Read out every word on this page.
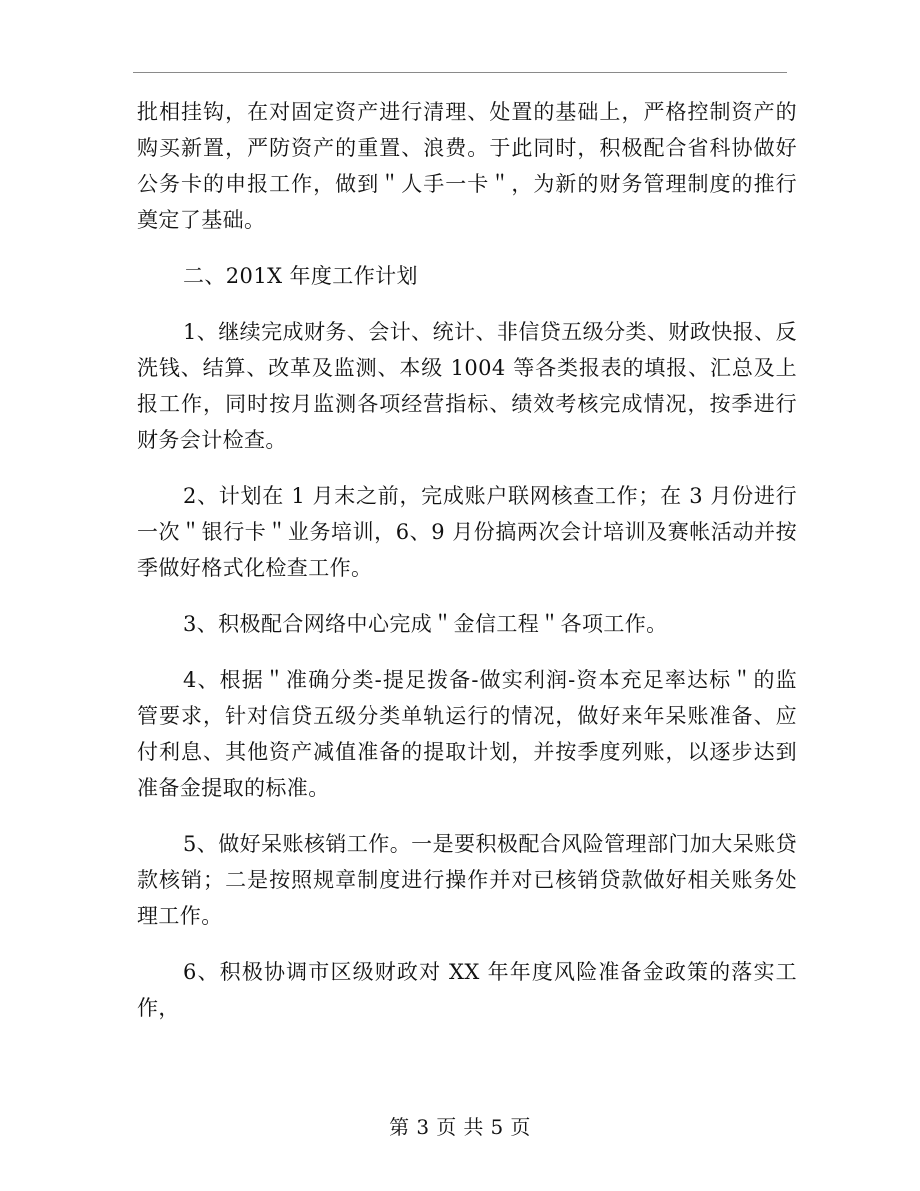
批相挂钩，在对固定资产进行清理、处置的基础上，严格控制资产的购买新置，严防资产的重置、浪费。于此同时，积极配合省科协做好公务卡的申报工作，做到＂人手一卡＂，为新的财务管理制度的推行奠定了基础。

二、201X 年度工作计划

1、继续完成财务、会计、统计、非信贷五级分类、财政快报、反洗钱、结算、改革及监测、本级 1004 等各类报表的填报、汇总及上报工作，同时按月监测各项经营指标、绩效考核完成情况，按季进行财务会计检查。

2、计划在 1 月末之前，完成账户联网核查工作；在 3 月份进行一次＂银行卡＂业务培训，6、9 月份搞两次会计培训及赛帐活动并按季做好格式化检查工作。

3、积极配合网络中心完成＂金信工程＂各项工作。

4、根据＂准确分类-提足拨备-做实利润-资本充足率达标＂的监管要求，针对信贷五级分类单轨运行的情况，做好来年呆账准备、应付利息、其他资产减值准备的提取计划，并按季度列账，以逐步达到准备金提取的标准。

5、做好呆账核销工作。一是要积极配合风险管理部门加大呆账贷款核销；二是按照规章制度进行操作并对已核销贷款做好相关账务处理工作。

6、积极协调市区级财政对 XX 年年度风险准备金政策的落实工作，

第 3 页 共 5 页
